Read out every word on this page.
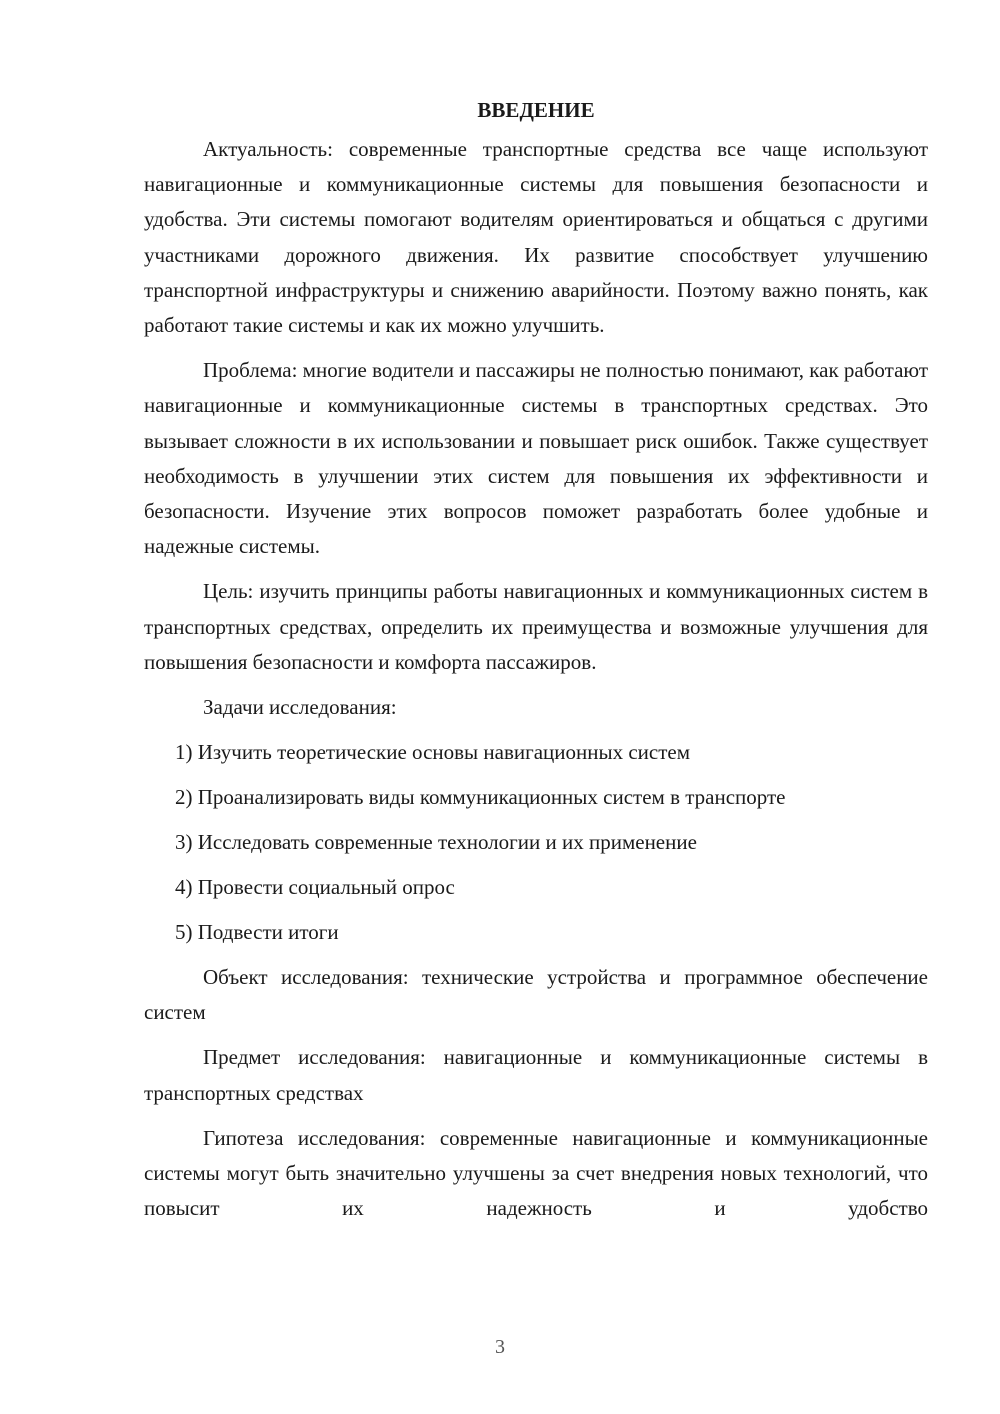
ВВЕДЕНИЕ

Актуальность: современные транспортные средства все чаще используют навигационные и коммуникационные системы для повышения безопасности и удобства. Эти системы помогают водителям ориентироваться и общаться с другими участниками дорожного движения. Их развитие способствует улучшению транспортной инфраструктуры и снижению аварийности. Поэтому важно понять, как работают такие системы и как их можно улучшить.

Проблема: многие водители и пассажиры не полностью понимают, как работают навигационные и коммуникационные системы в транспортных средствах. Это вызывает сложности в их использовании и повышает риск ошибок. Также существует необходимость в улучшении этих систем для повышения их эффективности и безопасности. Изучение этих вопросов поможет разработать более удобные и надежные системы.

Цель: изучить принципы работы навигационных и коммуникационных систем в транспортных средствах, определить их преимущества и возможные улучшения для повышения безопасности и комфорта пассажиров.

Задачи исследования:

1) Изучить теоретические основы навигационных систем

2) Проанализировать виды коммуникационных систем в транспорте

3) Исследовать современные технологии и их применение

4) Провести социальный опрос

5) Подвести итоги

Объект исследования: технические устройства и программное обеспечение систем

Предмет исследования: навигационные и коммуникационные системы в транспортных средствах

Гипотеза исследования: современные навигационные и коммуникационные системы могут быть значительно улучшены за счет внедрения новых технологий, что повысит их надежность и удобство

3
